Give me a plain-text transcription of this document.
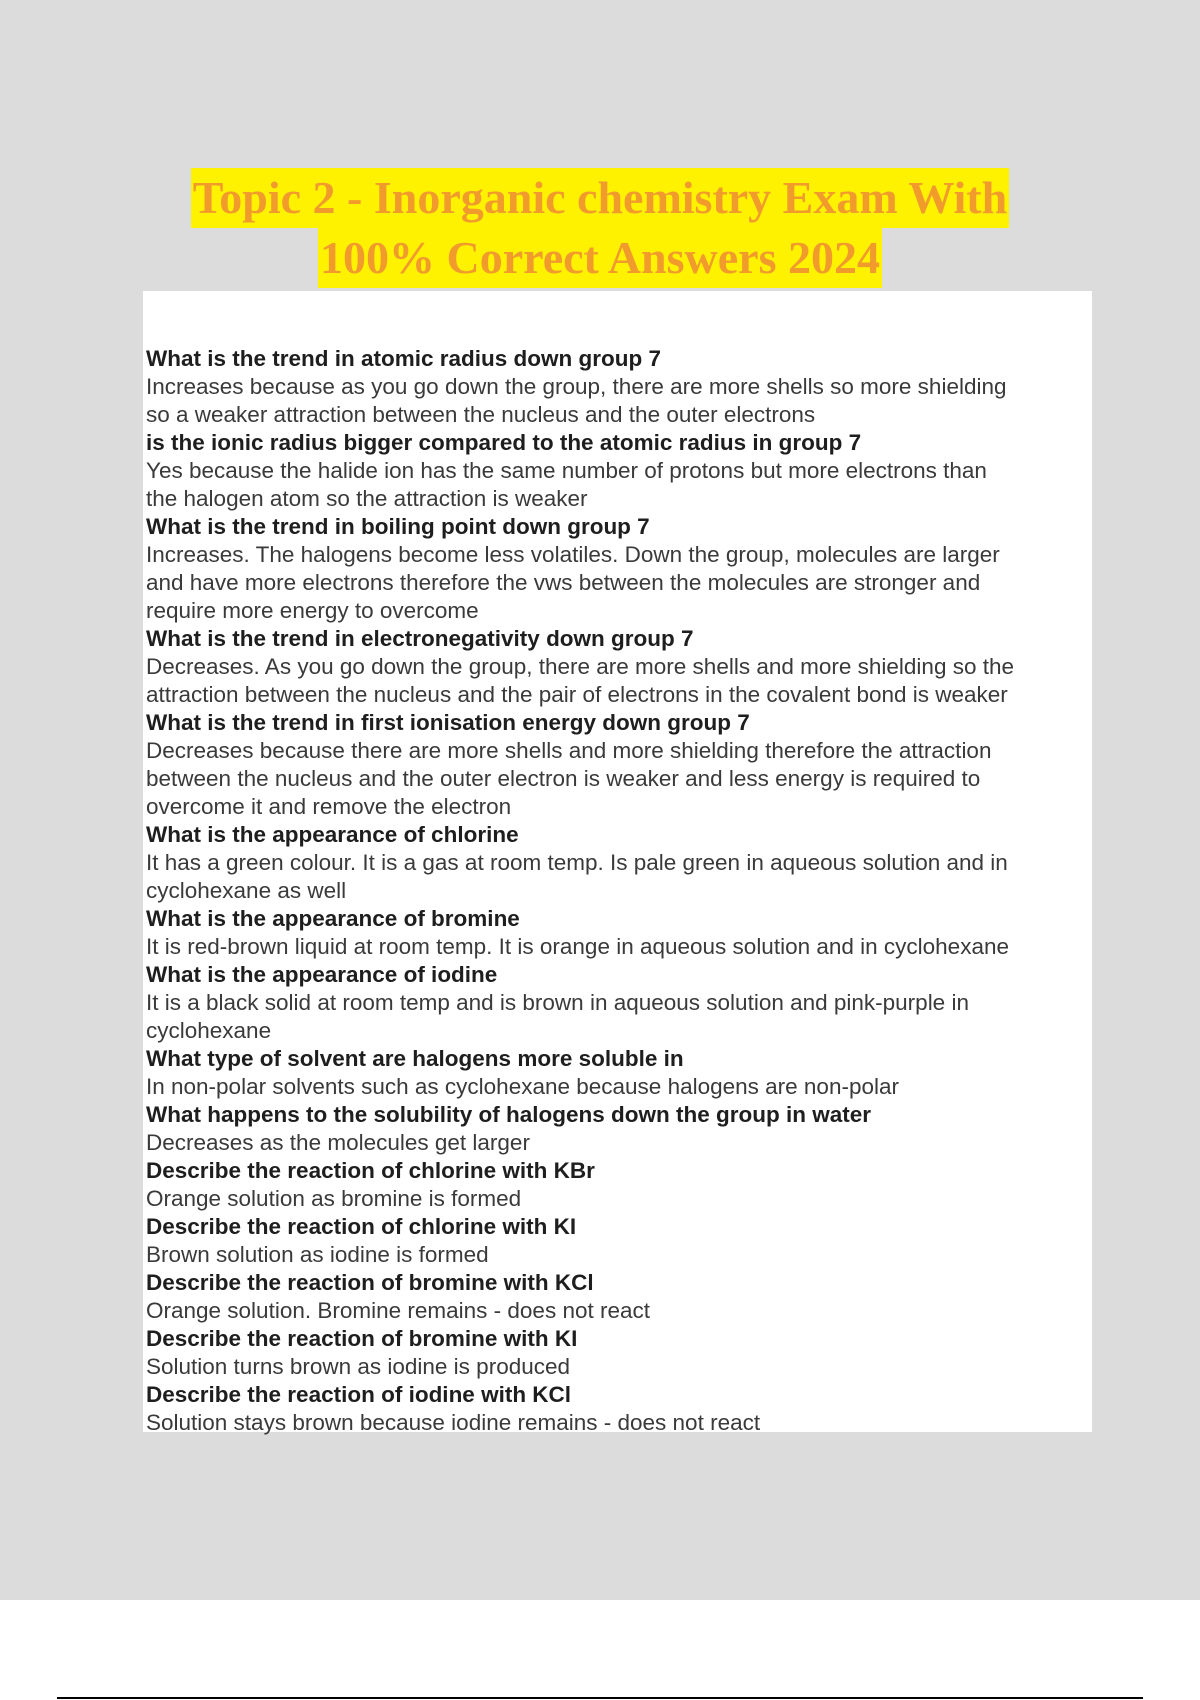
Topic 2 - Inorganic chemistry Exam With
100% Correct Answers 2024
What is the trend in atomic radius down group 7
Increases because as you go down the group, there are more shells so more shielding
so a weaker attraction between the nucleus and the outer electrons
is the ionic radius bigger compared to the atomic radius in group 7
Yes because the halide ion has the same number of protons but more electrons than
the halogen atom so the attraction is weaker
What is the trend in boiling point down group 7
Increases. The halogens become less volatiles. Down the group, molecules are larger
and have more electrons therefore the vws between the molecules are stronger and
require more energy to overcome
What is the trend in electronegativity down group 7
Decreases. As you go down the group, there are more shells and more shielding so the
attraction between the nucleus and the pair of electrons in the covalent bond is weaker
What is the trend in first ionisation energy down group 7
Decreases because there are more shells and more shielding therefore the attraction
between the nucleus and the outer electron is weaker and less energy is required to
overcome it and remove the electron
What is the appearance of chlorine
It has a green colour. It is a gas at room temp. Is pale green in aqueous solution and in
cyclohexane as well
What is the appearance of bromine
It is red-brown liquid at room temp. It is orange in aqueous solution and in cyclohexane
What is the appearance of iodine
It is a black solid at room temp and is brown in aqueous solution and pink-purple in
cyclohexane
What type of solvent are halogens more soluble in
In non-polar solvents such as cyclohexane because halogens are non-polar
What happens to the solubility of halogens down the group in water
Decreases as the molecules get larger
Describe the reaction of chlorine with KBr
Orange solution as bromine is formed
Describe the reaction of chlorine with KI
Brown solution as iodine is formed
Describe the reaction of bromine with KCl
Orange solution. Bromine remains - does not react
Describe the reaction of bromine with KI
Solution turns brown as iodine is produced
Describe the reaction of iodine with KCl
Solution stays brown because iodine remains - does not react
